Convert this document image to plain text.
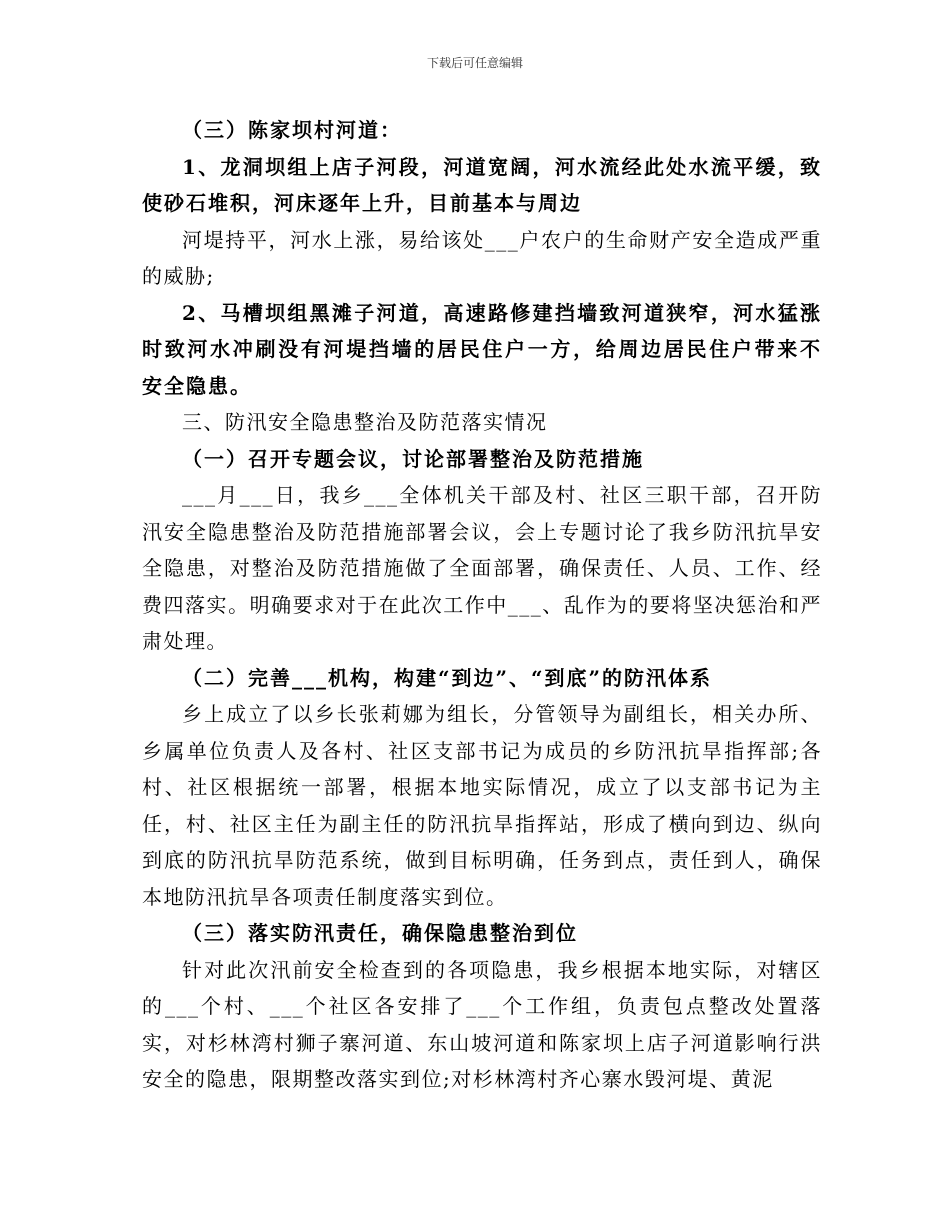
下载后可任意编辑

（三）陈家坝村河道：

1、龙洞坝组上店子河段，河道宽阔，河水流经此处水流平缓，致使砂石堆积，河床逐年上升，目前基本与周边

河堤持平，河水上涨，易给该处___户农户的生命财产安全造成严重的威胁;

2、马槽坝组黑滩子河道，高速路修建挡墙致河道狭窄，河水猛涨时致河水冲刷没有河堤挡墙的居民住户一方，给周边居民住户带来不安全隐患。

三、防汛安全隐患整治及防范落实情况

（一）召开专题会议，讨论部署整治及防范措施

___月___日，我乡___全体机关干部及村、社区三职干部，召开防汛安全隐患整治及防范措施部署会议，会上专题讨论了我乡防汛抗旱安全隐患，对整治及防范措施做了全面部署，确保责任、人员、工作、经费四落实。明确要求对于在此次工作中___、乱作为的要将坚决惩治和严肃处理。

（二）完善___机构，构建“到边”、“到底”的防汛体系

乡上成立了以乡长张莉娜为组长，分管领导为副组长，相关办所、乡属单位负责人及各村、社区支部书记为成员的乡防汛抗旱指挥部;各村、社区根据统一部署，根据本地实际情况，成立了以支部书记为主任，村、社区主任为副主任的防汛抗旱指挥站，形成了横向到边、纵向到底的防汛抗旱防范系统，做到目标明确，任务到点，责任到人，确保本地防汛抗旱各项责任制度落实到位。

（三）落实防汛责任，确保隐患整治到位

针对此次汛前安全检查到的各项隐患，我乡根据本地实际，对辖区的___个村、___个社区各安排了___个工作组，负责包点整改处置落实，对杉林湾村狮子寨河道、东山坡河道和陈家坝上店子河道影响行洪安全的隐患，限期整改落实到位;对杉林湾村齐心寨水毁河堤、黄泥
